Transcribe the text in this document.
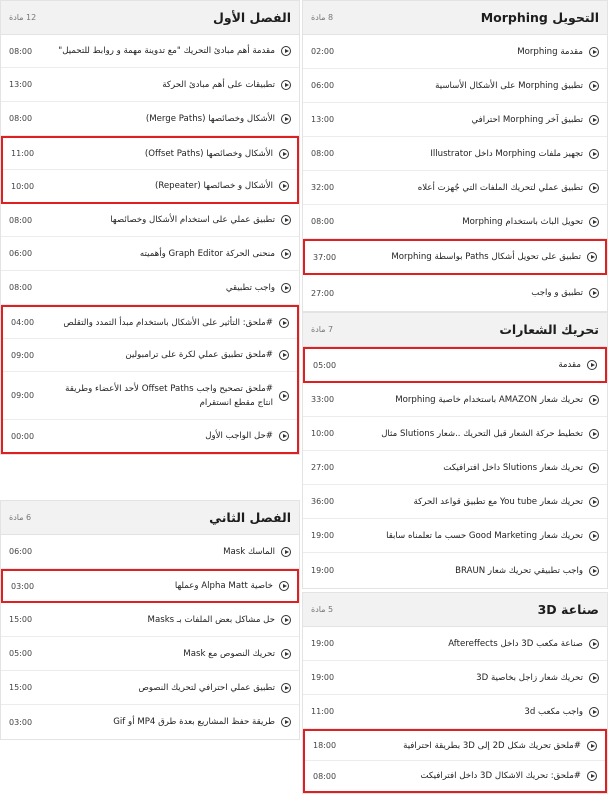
الفصل الأول
12 مادة
مقدمة أهم مبادئ التحريك "مع تدوينة مهمة و روابط للتحميل"
08:00
تطبيقات على أهم مبادئ الحركة
13:00
الأشكال وخصائصها (Merge Paths)
08:00
الأشكال وخصائصها (Offset Paths)
11:00
الأشكال و خصائصها (Repeater)
10:00
تطبيق عملي على استخدام الأشكال وخصائصها
08:00
منحنى الحركة Graph Editor وأهميته
06:00
واجب تطبيقي
08:00
#ملحق: التأثير على الأشكال باستخدام مبدأ التمدد والتقلص
04:00
#ملحق تطبيق عملي لكرة على ترامبولين
09:00
#ملحق تصحيح واجب Offset Paths لأحد الأعضاء وطريقة انتاج مقطع انستقرام
09:00
#حل الواجب الأول
00:00
الفصل الثاني
6 مادة
الماسك Mask
06:00
خاصية Alpha Matt وعملها
03:00
حل مشاكل بعض الملفات بـ Masks
15:00
تحريك النصوص مع Mask
05:00
تطبيق عملي احترافي لتحريك النصوص
15:00
طريقة حفظ المشاريع بعدة طرق MP4 أو Gif
03:00
التحويل Morphing
8 مادة
مقدمة Morphing
02:00
تطبيق Morphing على الأشكال الأساسية
06:00
تطبيق آخر Morphing احترافي
13:00
تجهيز ملفات Morphing داخل Illustrator
08:00
تطبيق عملي لتحريك الملفات التي جُهزت أعلاه
32:00
تحويل الباث باستخدام Morphing
08:00
تطبيق على تحويل أشكال Paths بواسطة Morphing
37:00
تطبيق و واجب
27:00
تحريك الشعارات
7 مادة
مقدمة
05:00
تحريك شعار AMAZON باستخدام خاصية Morphing
33:00
تخطيط حركة الشعار قبل التحريك ..شعار Slutions مثال
10:00
تحريك شعار Slutions داخل افترافيكت
27:00
تحريك شعار You tube مع تطبيق قواعد الحركة
36:00
تحريك شعار Good Marketing حسب ما تعلمناه سابقا
19:00
واجب تطبيقي تحريك شعار BRAUN
19:00
صناعة 3D
5 مادة
صناعة مكعب 3D داخل Aftereffects
19:00
تحريك شعار زاجل بخاصية 3D
19:00
واجب مكعب 3d
11:00
#ملحق تحريك شكل 2D إلى 3D بطريقة احترافية
18:00
#ملحق: تحريك الاشكال 3D داخل افترافيكت
08:00
